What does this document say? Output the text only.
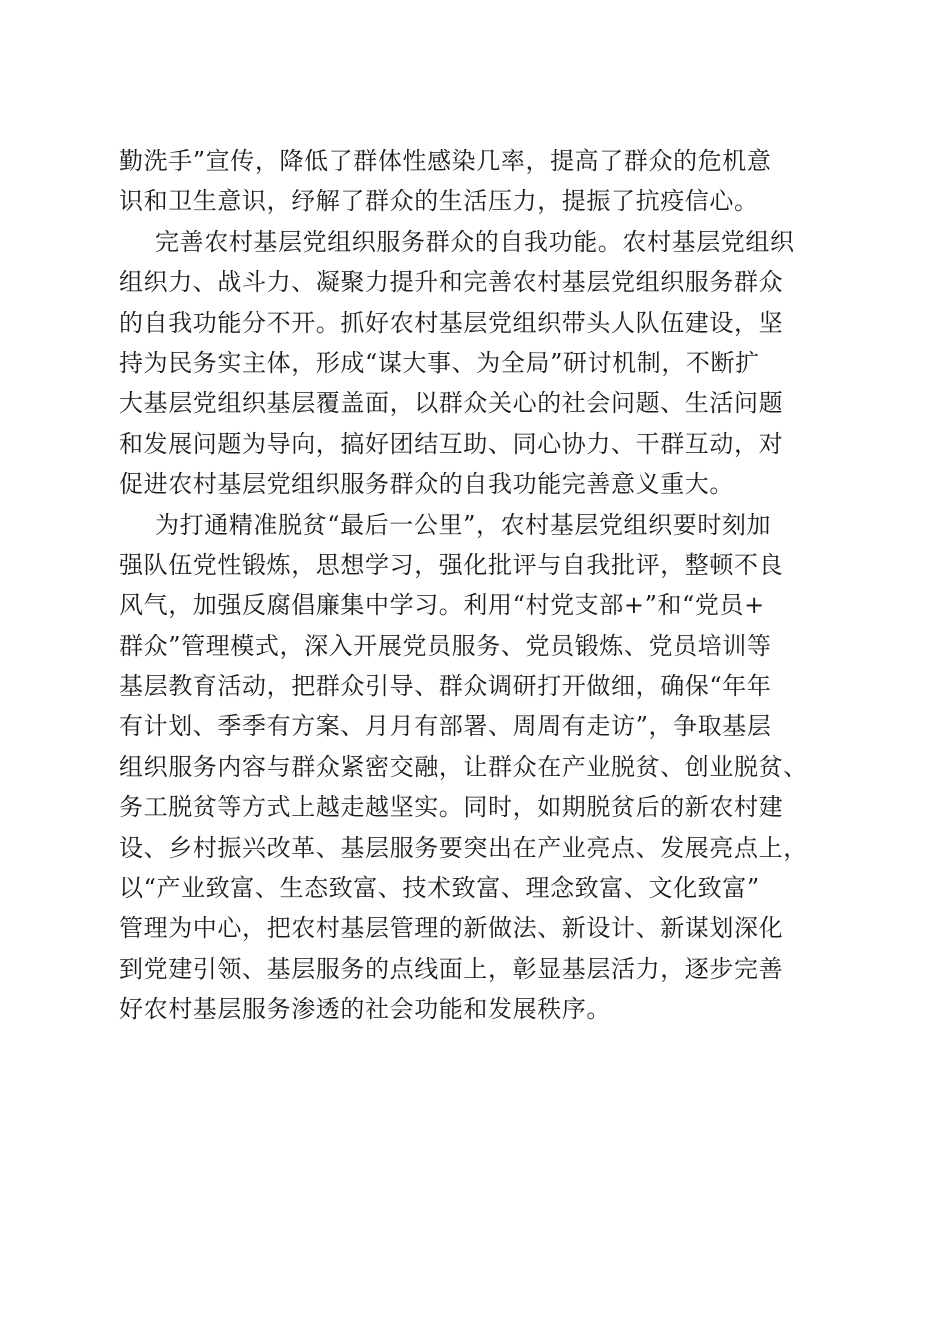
勤洗手”宣传，降低了群体性感染几率，提高了群众的危机意
识和卫生意识，纾解了群众的生活压力，提振了抗疫信心。
完善农村基层党组织服务群众的自我功能。农村基层党组织
组织力、战斗力、凝聚力提升和完善农村基层党组织服务群众
的自我功能分不开。抓好农村基层党组织带头人队伍建设，坚
持为民务实主体，形成“谋大事、为全局”研讨机制，不断扩
大基层党组织基层覆盖面，以群众关心的社会问题、生活问题
和发展问题为导向，搞好团结互助、同心协力、干群互动，对
促进农村基层党组织服务群众的自我功能完善意义重大。
为打通精准脱贫“最后一公里”，农村基层党组织要时刻加
强队伍党性锻炼，思想学习，强化批评与自我批评，整顿不良
风气，加强反腐倡廉集中学习。利用“村党支部+”和“党员+
群众”管理模式，深入开展党员服务、党员锻炼、党员培训等
基层教育活动，把群众引导、群众调研打开做细，确保“年年
有计划、季季有方案、月月有部署、周周有走访”，争取基层
组织服务内容与群众紧密交融，让群众在产业脱贫、创业脱贫、
务工脱贫等方式上越走越坚实。同时，如期脱贫后的新农村建
设、乡村振兴改革、基层服务要突出在产业亮点、发展亮点上，
以“产业致富、生态致富、技术致富、理念致富、文化致富”
管理为中心，把农村基层管理的新做法、新设计、新谋划深化
到党建引领、基层服务的点线面上，彰显基层活力，逐步完善
好农村基层服务渗透的社会功能和发展秩序。
